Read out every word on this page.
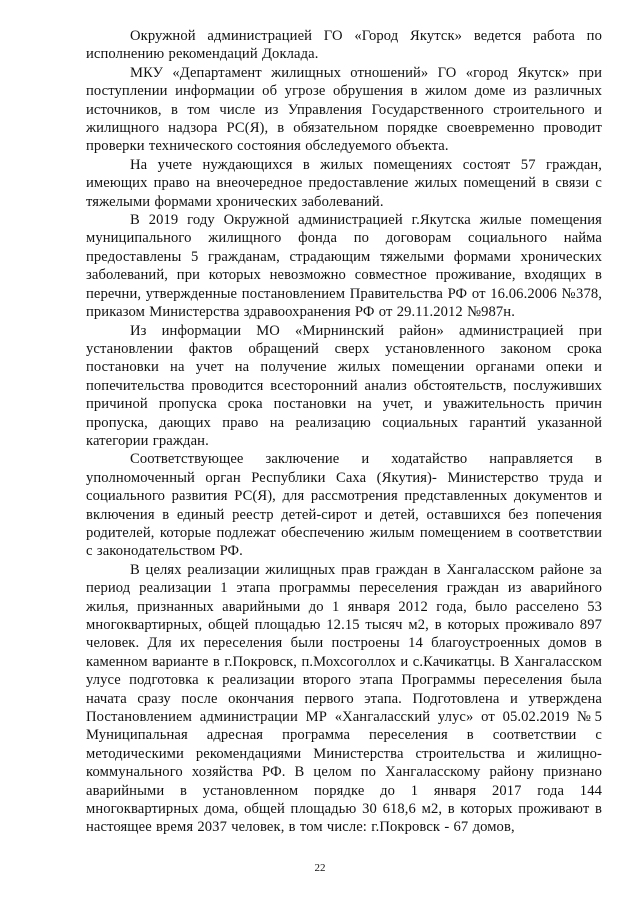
Окружной администрацией ГО «Город Якутск» ведется работа по исполнению рекомендаций Доклада.

МКУ «Департамент жилищных отношений» ГО «город Якутск» при поступлении информации об угрозе обрушения в жилом доме из различных источников, в том числе из Управления Государственного строительного и жилищного надзора РС(Я), в обязательном порядке своевременно проводит проверки технического состояния обследуемого объекта.

На учете нуждающихся в жилых помещениях состоят 57 граждан, имеющих право на внеочередное предоставление жилых помещений в связи с тяжелыми формами хронических заболеваний.

В 2019 году Окружной администрацией г.Якутска жилые помещения муниципального жилищного фонда по договорам социального найма предоставлены 5 гражданам, страдающим тяжелыми формами хронических заболеваний, при которых невозможно совместное проживание, входящих в перечни, утвержденные постановлением Правительства РФ от 16.06.2006 №378, приказом Министерства здравоохранения РФ от 29.11.2012 №987н.

Из информации МО «Мирнинский район» администрацией при установлении фактов обращений сверх установленного законом срока постановки на учет на получение жилых помещении органами опеки и попечительства проводится всесторонний анализ обстоятельств, послуживших причиной пропуска срока постановки на учет, и уважительность причин пропуска, дающих право на реализацию социальных гарантий указанной категории граждан.

Соответствующее заключение и ходатайство направляется в уполномоченный орган Республики Саха (Якутия)- Министерство труда и социального развития РС(Я), для рассмотрения представленных документов и включения в единый реестр детей-сирот и детей, оставшихся без попечения родителей, которые подлежат обеспечению жилым помещением в соответствии с законодательством РФ.

В целях реализации жилищных прав граждан в Хангаласском районе за период реализации 1 этапа программы переселения граждан из аварийного жилья, признанных аварийными до 1 января 2012 года, было расселено 53 многоквартирных, общей площадью 12.15 тысяч м2, в которых проживало 897 человек. Для их переселения были построены 14 благоустроенных домов в каменном варианте в г.Покровск, п.Мохсоголлох и с.Качикатцы. В Хангаласском улусе подготовка к реализации второго этапа Программы переселения была начата сразу после окончания первого этапа. Подготовлена и утверждена Постановлением администрации МР «Хангаласский улус» от 05.02.2019 №5 Муниципальная адресная программа переселения в соответствии с методическими рекомендациями Министерства строительства и жилищно-коммунального хозяйства РФ. В целом по Хангаласскому району признано аварийными в установленном порядке до 1 января 2017 года 144 многоквартирных дома, общей площадью 30 618,6 м2, в которых проживают в настоящее время 2037 человек, в том числе: г.Покровск - 67 домов,

22
